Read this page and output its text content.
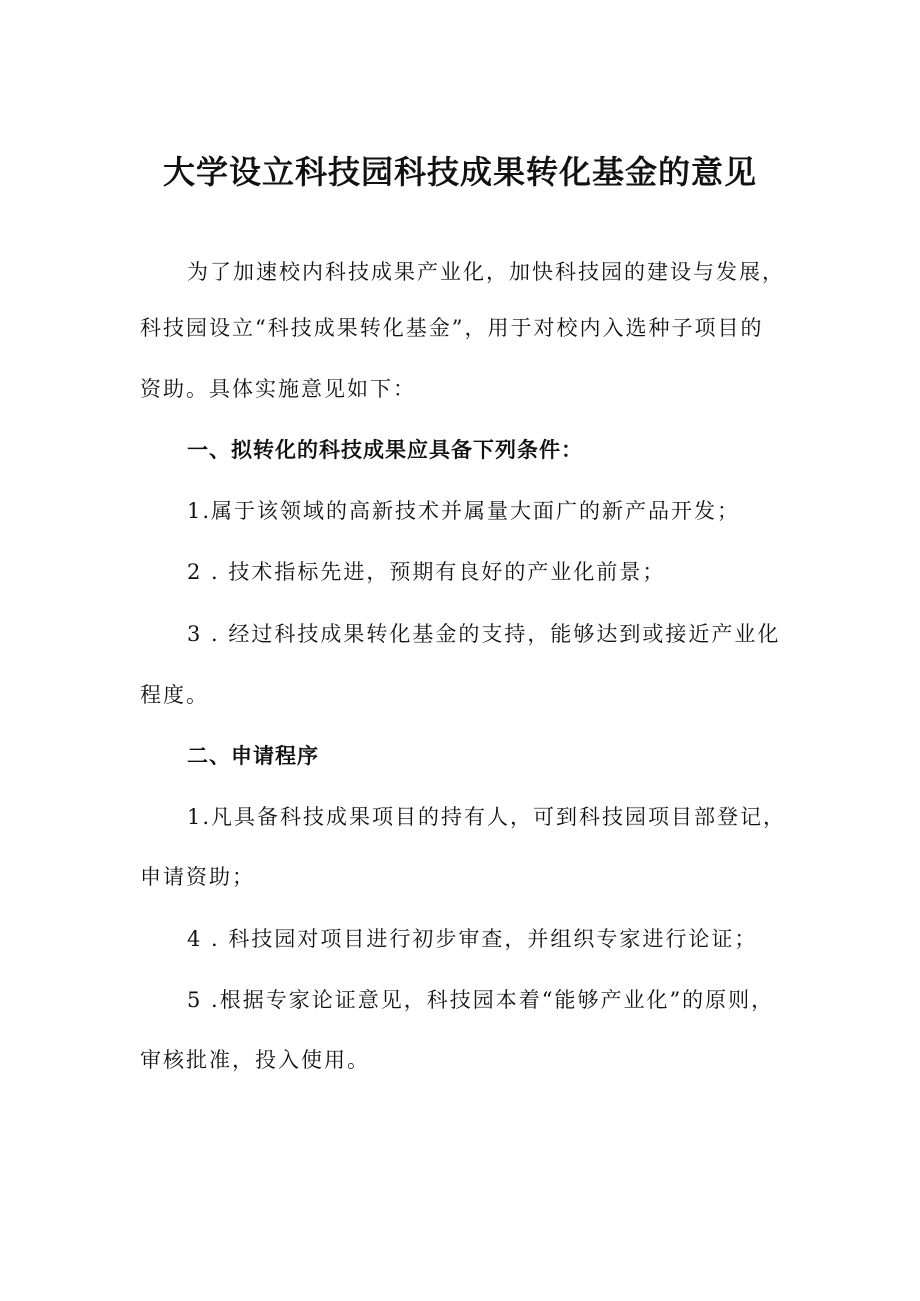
大学设立科技园科技成果转化基金的意见

为了加速校内科技成果产业化，加快科技园的建设与发展，

科技园设立“科技成果转化基金”，用于对校内入选种子项目的

资助。具体实施意见如下：

一、拟转化的科技成果应具备下列条件：

1.属于该领域的高新技术并属量大面广的新产品开发；

2 . 技术指标先进，预期有良好的产业化前景；

3 . 经过科技成果转化基金的支持，能够达到或接近产业化

程度。

二、申请程序

1.凡具备科技成果项目的持有人，可到科技园项目部登记，

申请资助；

4 . 科技园对项目进行初步审查，并组织专家进行论证；

5 .根据专家论证意见，科技园本着“能够产业化”的原则，

审核批准，投入使用。
